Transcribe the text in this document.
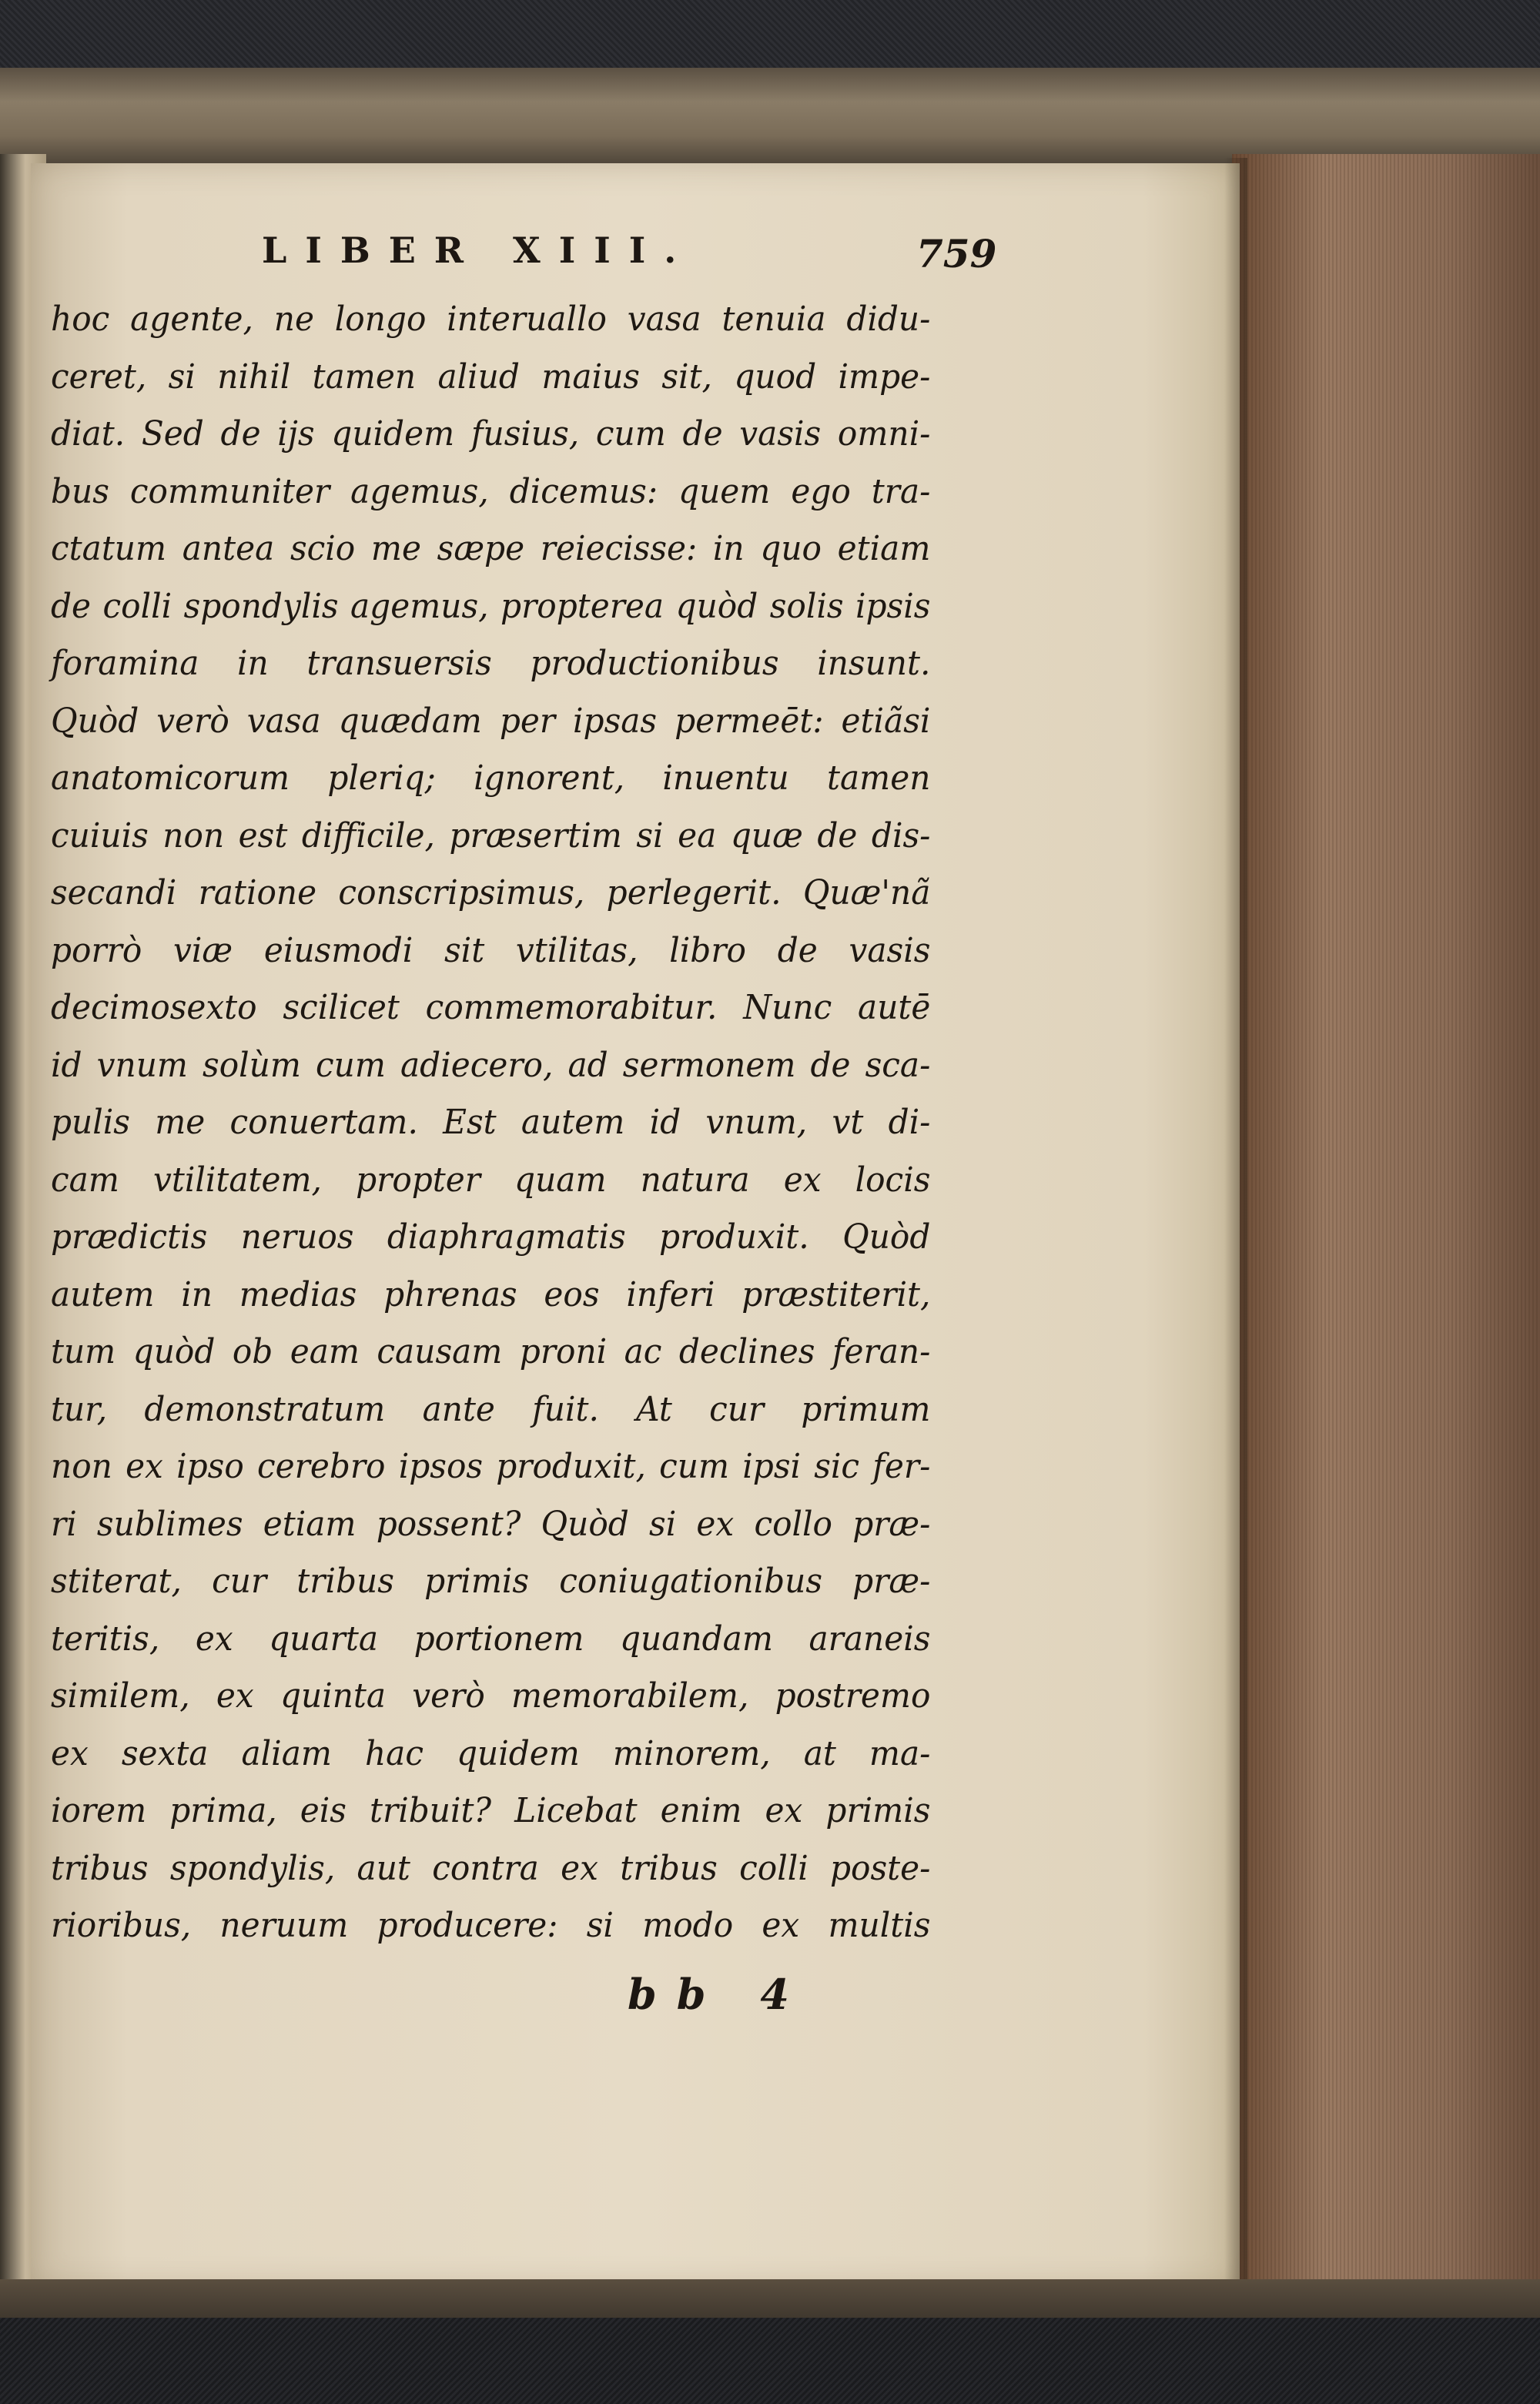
LIBER XIII.	759
hoc agente, ne longo interuallo vasa tenuia didu-
ceret, si nihil tamen aliud maius sit, quod impe-
diat. Sed de ijs quidem fusius, cum de vasis omni-
bus communiter agemus, dicemus: quem ego tra-
ctatum antea scio me sæpe reiecisse: in quo etiam
de colli spondylis agemus, propterea quòd solis ipsis
foramina in transuersis productionibus insunt.
Quòd verò vasa quædam per ipsas permeēt: etiãsi
anatomicorum pleriq; ignorent, inuentu tamen
cuiuis non est difficile, præsertim si ea quæ de dis-
secandi ratione conscripsimus, perlegerit. Quæ'nã
porrò viæ eiusmodi sit vtilitas, libro de vasis
decimosexto scilicet commemorabitur. Nunc autē
id vnum solùm cum adiecero, ad sermonem de sca-
pulis me conuertam. Est autem id vnum, vt di-
cam vtilitatem, propter quam natura ex locis
prædictis neruos diaphragmatis produxit. Quòd
autem in medias phrenas eos inferi præstiterit,
tum quòd ob eam causam proni ac declines feran-
tur, demonstratum ante fuit. At cur primum
non ex ipso cerebro ipsos produxit, cum ipsi sic fer-
ri sublimes etiam possent? Quòd si ex collo præ-
stiterat, cur tribus primis coniugationibus præ-
teritis, ex quarta portionem quandam araneis
similem, ex quinta verò memorabilem, postremo
ex sexta aliam hac quidem minorem, at ma-
iorem prima, eis tribuit? Licebat enim ex primis
tribus spondylis, aut contra ex tribus colli poste-
rioribus, neruum producere: si modo ex multis
bb 4
